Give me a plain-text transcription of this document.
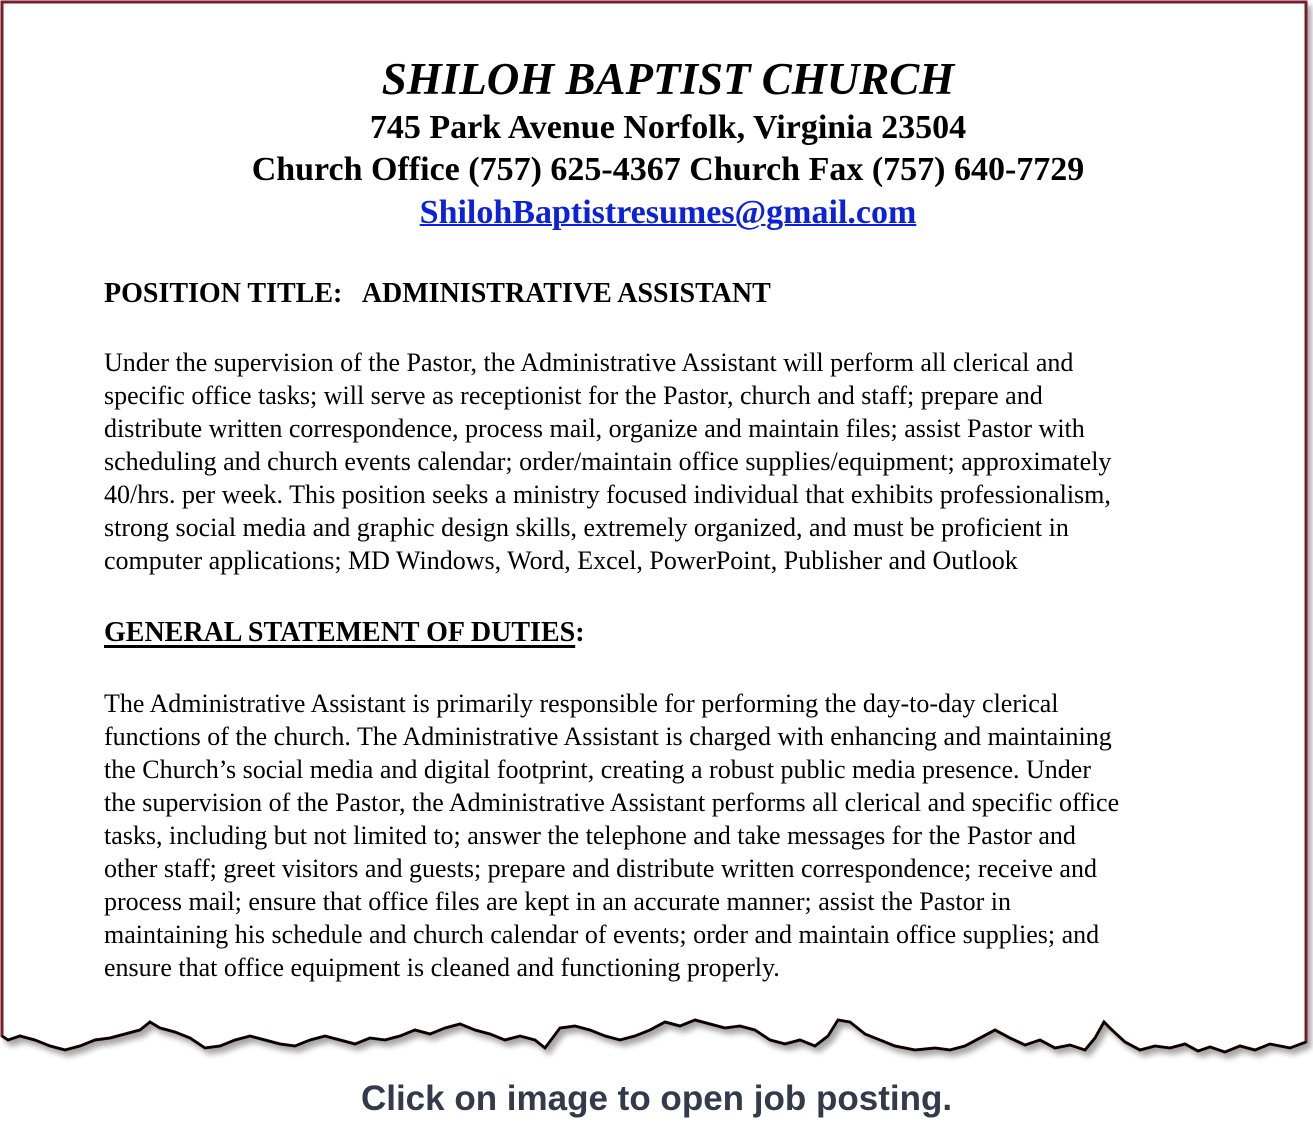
SHILOH BAPTIST CHURCH
745 Park Avenue Norfolk, Virginia 23504
Church Office (757) 625-4367 Church Fax (757) 640-7729
ShilohBaptistresumes@gmail.com
POSITION TITLE: ADMINISTRATIVE ASSISTANT
Under the supervision of the Pastor, the Administrative Assistant will perform all clerical and
specific office tasks; will serve as receptionist for the Pastor, church and staff; prepare and
distribute written correspondence, process mail, organize and maintain files; assist Pastor with
scheduling and church events calendar; order/maintain office supplies/equipment; approximately
40/hrs. per week. This position seeks a ministry focused individual that exhibits professionalism,
strong social media and graphic design skills, extremely organized, and must be proficient in
computer applications; MD Windows, Word, Excel, PowerPoint, Publisher and Outlook
GENERAL STATEMENT OF DUTIES:
The Administrative Assistant is primarily responsible for performing the day-to-day clerical
functions of the church. The Administrative Assistant is charged with enhancing and maintaining
the Church’s social media and digital footprint, creating a robust public media presence. Under
the supervision of the Pastor, the Administrative Assistant performs all clerical and specific office
tasks, including but not limited to; answer the telephone and take messages for the Pastor and
other staff; greet visitors and guests; prepare and distribute written correspondence; receive and
process mail; ensure that office files are kept in an accurate manner; assist the Pastor in
maintaining his schedule and church calendar of events; order and maintain office supplies; and
ensure that office equipment is cleaned and functioning properly.
Click on image to open job posting.
